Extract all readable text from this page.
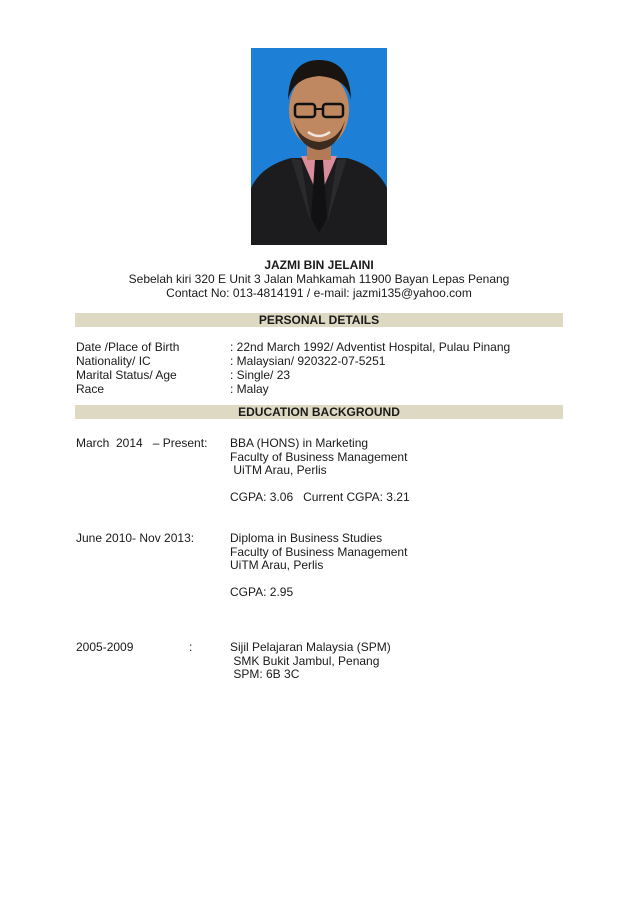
JAZMI BIN JELAINI
Sebelah kiri 320 E Unit 3 Jalan Mahkamah 11900 Bayan Lepas Penang
Contact No: 013-4814191 / e-mail: jazmi135@yahoo.com
PERSONAL DETAILS
Date /Place of Birth	: 22nd March 1992/ Adventist Hospital, Pulau Pinang
Nationality/ IC	: Malaysian/ 920322-07-5251
Marital Status/ Age	: Single/ 23
Race	: Malay
EDUCATION BACKGROUND
March  2014   – Present: BBA (HONS) in Marketing
Faculty of Business Management
UiTM Arau, Perlis
CGPA: 3.06   Current CGPA: 3.21
June 2010- Nov 2013:	Diploma in Business Studies
Faculty of Business Management
UiTM Arau, Perlis
CGPA: 2.95
2005-2009	:	Sijil Pelajaran Malaysia (SPM)
SMK Bukit Jambul, Penang
SPM: 6B 3C
